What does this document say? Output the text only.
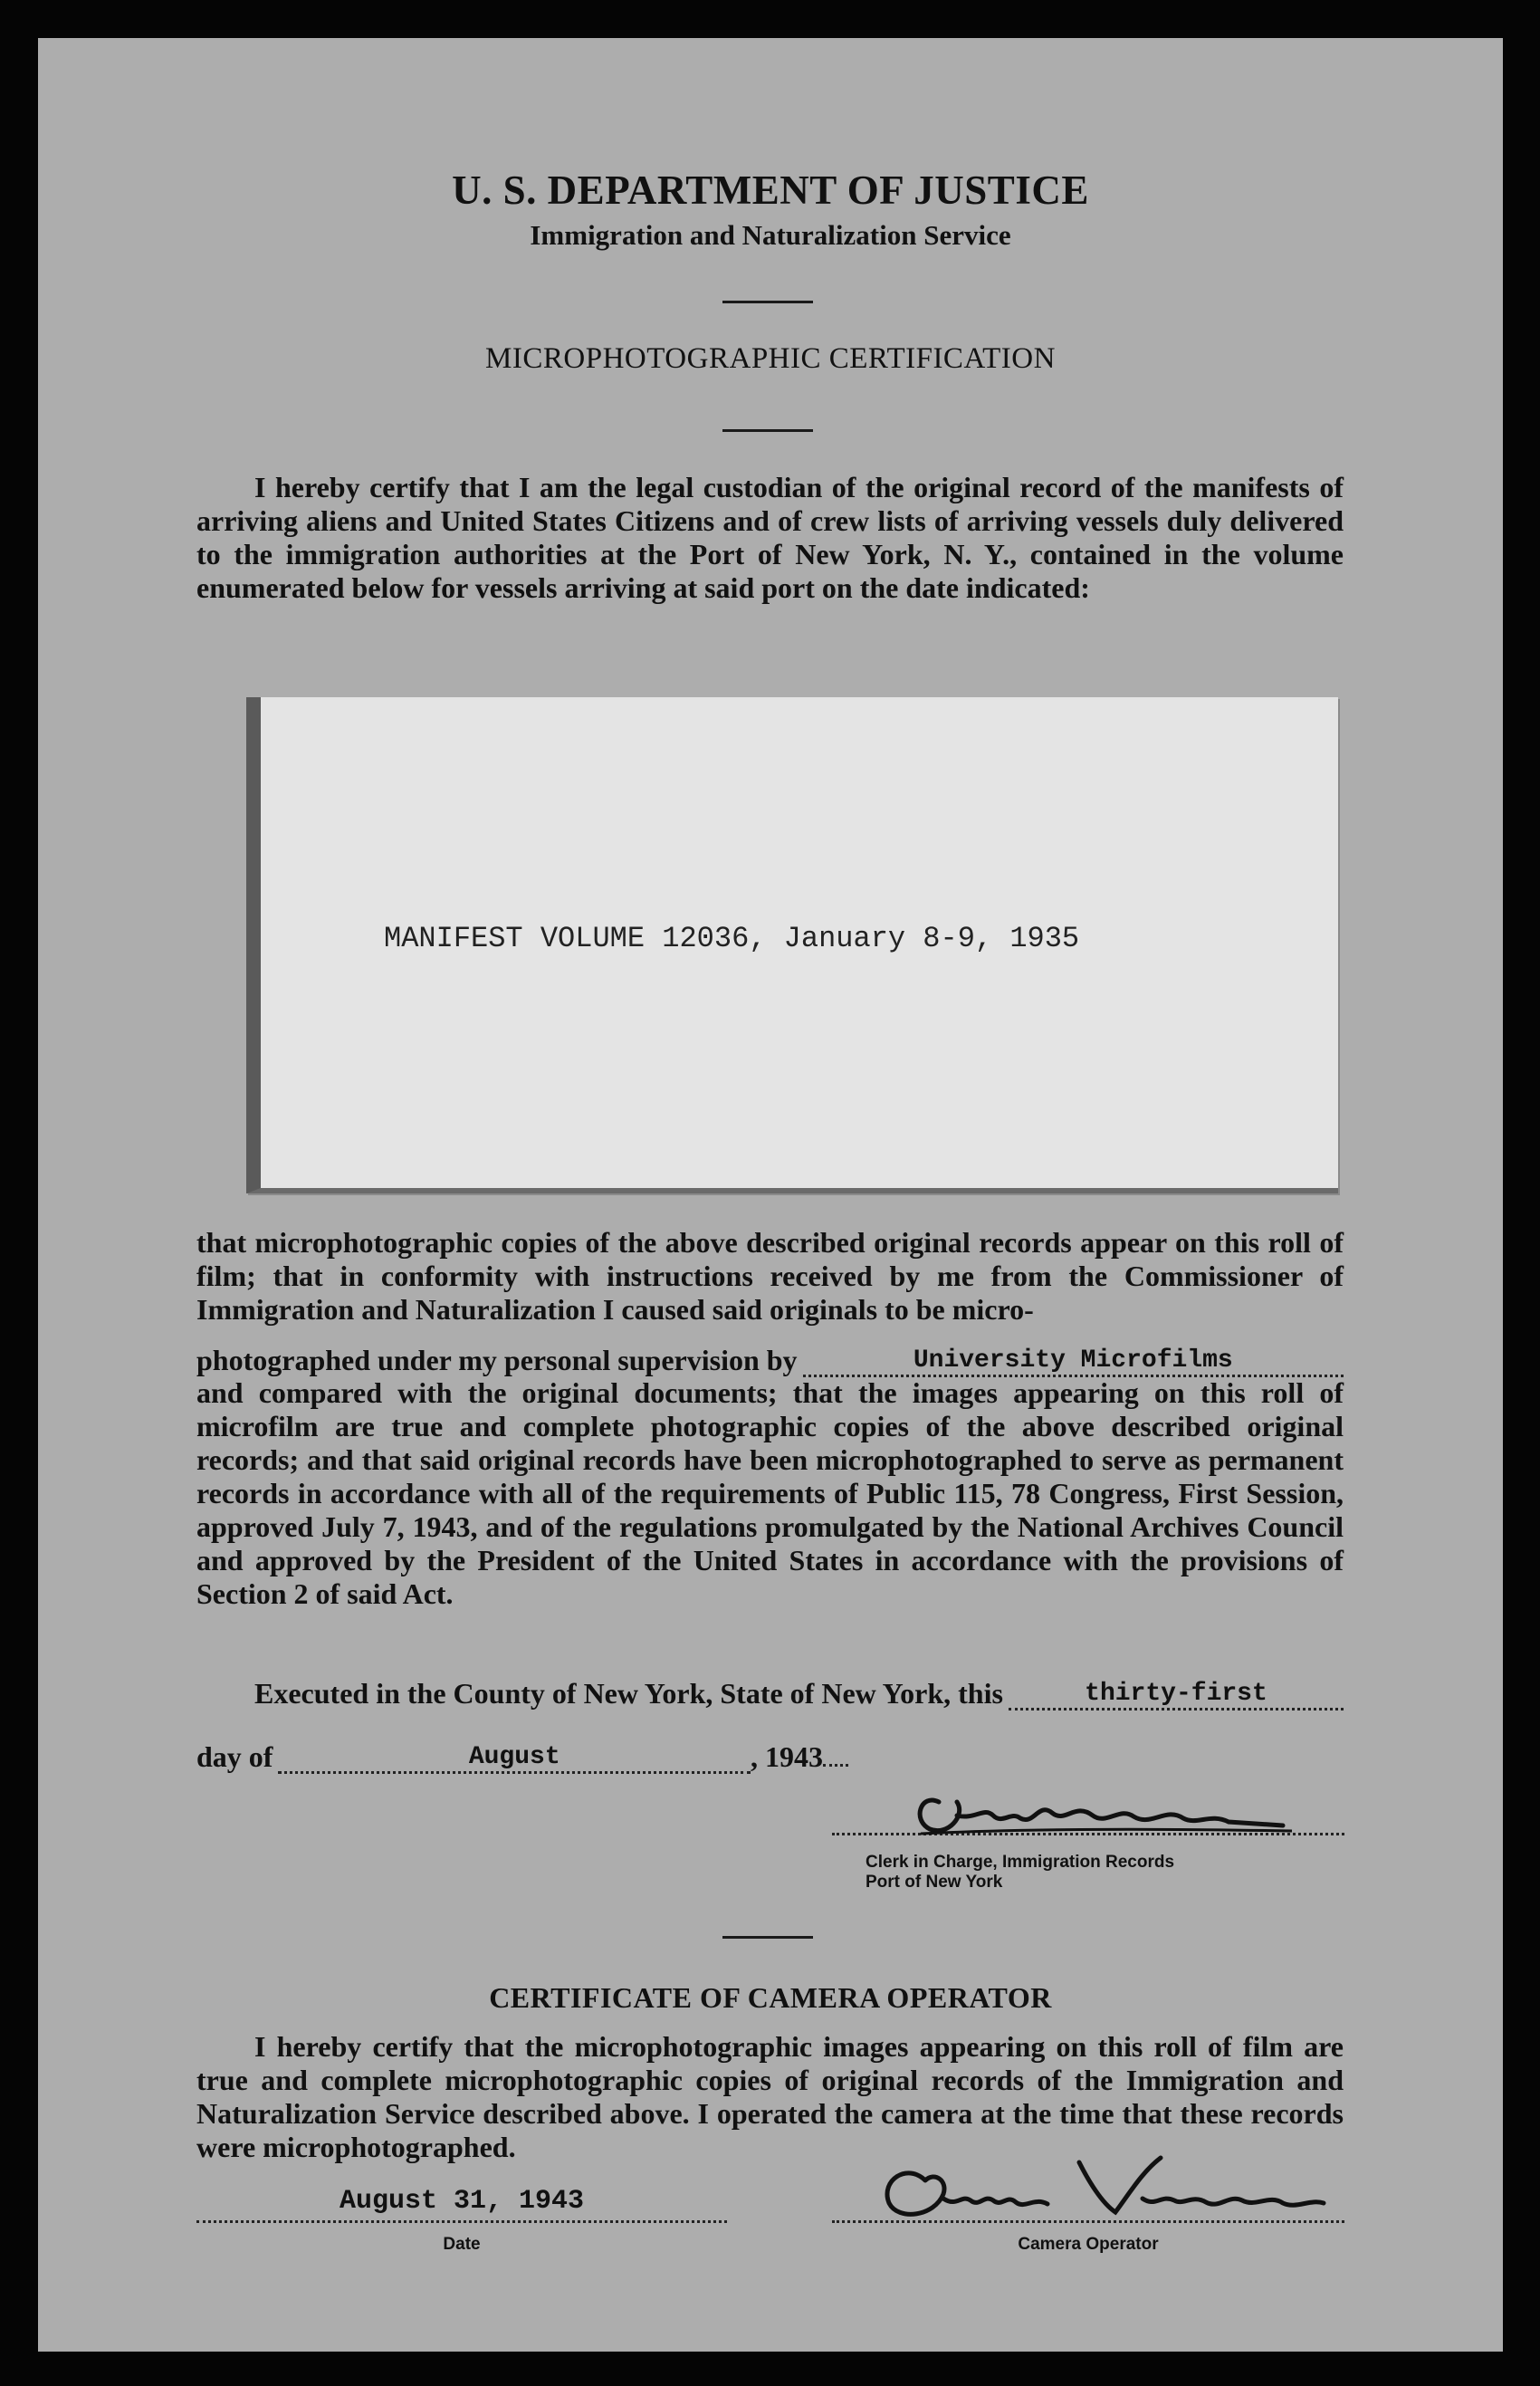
U. S. DEPARTMENT OF JUSTICE
Immigration and Naturalization Service
MICROPHOTOGRAPHIC CERTIFICATION
I hereby certify that I am the legal custodian of the original record of the manifests of arriving aliens and United States Citizens and of crew lists of arriving vessels duly delivered to the immigration authorities at the Port of New York, N. Y., contained in the volume enumerated below for vessels arriving at said port on the date indicated:
MANIFEST VOLUME 12036, January 8-9, 1935
that microphotographic copies of the above described original records appear on this roll of film; that in conformity with instructions received by me from the Commissioner of Immigration and Naturalization I caused said originals to be micro-
photographed under my personal supervision by	University Microfilms
and compared with the original documents; that the images appearing on this roll of microfilm are true and complete photographic copies of the above described original records; and that said original records have been microphotographed to serve as permanent records in accordance with all of the requirements of Public 115, 78 Congress, First Session, approved July 7, 1943, and of the regulations promulgated by the National Archives Council and approved by the President of the United States in accordance with the provisions of Section 2 of said Act.
Executed in the County of New York, State of New York, this	thirty-first
day of	August	, 1943
Clerk in Charge, Immigration Records
Port of New York
CERTIFICATE OF CAMERA OPERATOR
I hereby certify that the microphotographic images appearing on this roll of film are true and complete microphotographic copies of original records of the Immigration and Naturalization Service described above. I operated the camera at the time that these records were microphotographed.
August 31, 1943
Date	Camera Operator
